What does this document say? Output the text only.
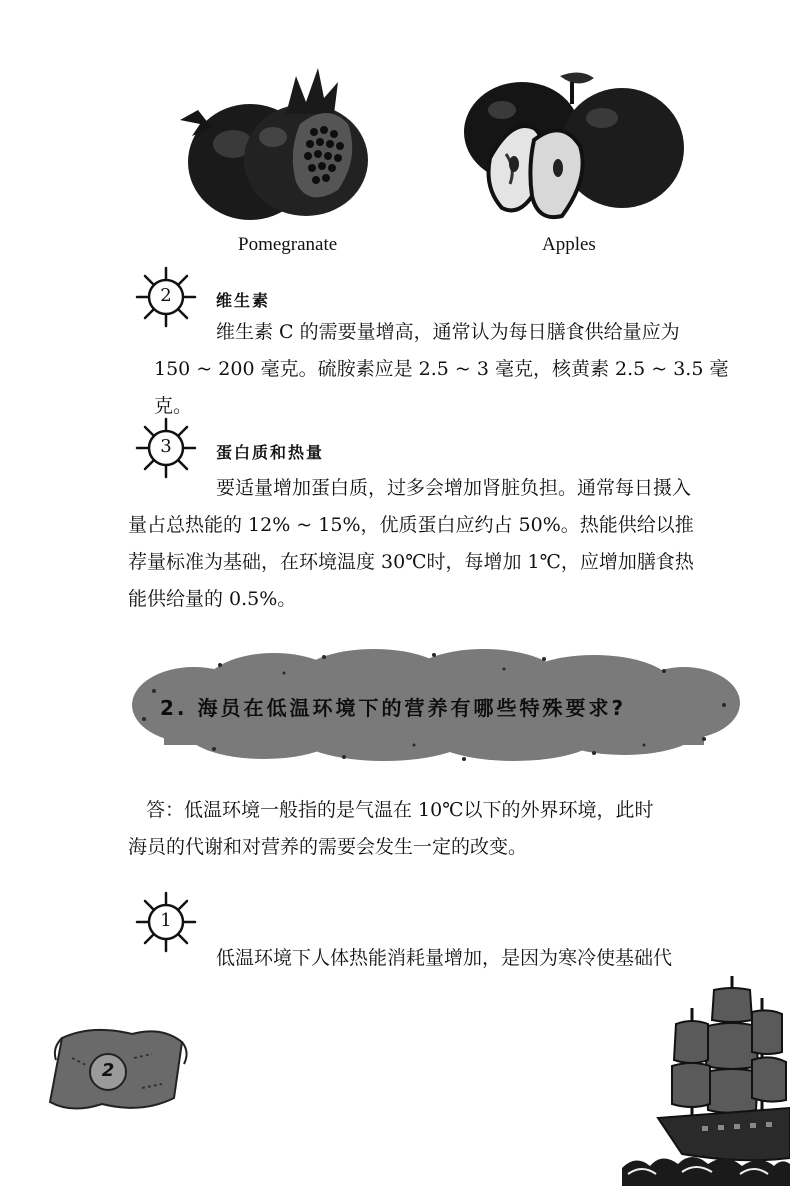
Pomegranate	Apples
2	维生素

维生素 C 的需要量增高，通常认为每日膳食供给量应为

150 ~ 200 毫克。硫胺素应是 2.5 ~ 3 毫克，核黄素 2.5 ~ 3.5 毫克。

3	蛋白质和热量

要适量增加蛋白质，过多会增加肾脏负担。通常每日摄入

量占总热能的 12% ~ 15%，优质蛋白应约占 50%。热能供给以推

荐量标准为基础，在环境温度 30℃时，每增加 1℃，应增加膳食热

能供给量的 0.5%。

2. 海员在低温环境下的营养有哪些特殊要求?

答：低温环境一般指的是气温在 10℃以下的外界环境，此时

海员的代谢和对营养的需要会发生一定的改变。

1
低温环境下人体热能消耗量增加，是因为寒冷使基础代
2
